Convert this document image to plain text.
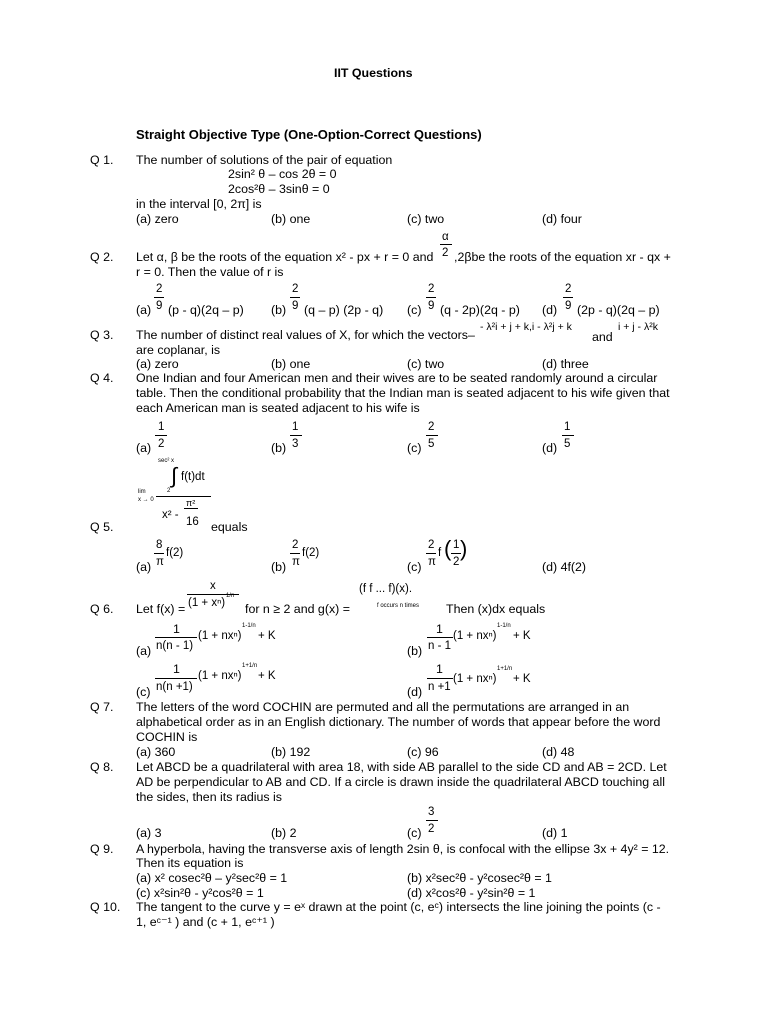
IIT Questions
Straight Objective Type (One-Option-Correct Questions)
Q 1. The number of solutions of the pair of equation
2sin² θ – cos 2θ = 0
2cos²θ – 3sinθ = 0
in the interval [0, 2π] is
(a) zero	(b) one	(c) two	(d) four
Q 2. Let α, β be the roots of the equation x² - px + r = 0 and
α
2 ,2βbe the roots of the equation xr - qx +
r = 0. Then the value of r is
(a)
2
9 (p - q)(2q – p) (b)
2
9 (q – p) (2p - q) (c)
2
9 (q - 2p)(2q - p) (d)
2
9 (2p - q)(2q – p)
Q 3. The number of distinct real values of X, for which the vectors–
- λ²i + j + k,i - λ²j + k
and
i + j - λ²k
are coplanar, is
(a) zero	(b) one	(c) two	(d) three
Q 4. One Indian and four American men and their wives are to be seated randomly around a circular
table. Then the conditional probability that the Indian man is seated adjacent to his wife given that
each American man is seated adjacent to his wife is
(a)
1
2	(b)
1
3	(c)
2
5	(d)
1
5
sec² x
∫ f(t)dt
2
lim
x → 0	π²
x² -
16
Q 5.	equals
(a)
8
π
f(2)
(b)
2
π
f(2)
(c)
2
π
f ( 1
2
)
(d) 4f(2)
x
(1 + xⁿ)
1/n
(f f ... f)(x).
f occurs n times
Q 6. Let f(x) =	for n ≥ 2 and g(x) =	Then (x)dx equals
(a)
1
n(n - 1)
(1 + nxⁿ)
1-1/n
+ K
(b)
1
n - 1
(1 + nxⁿ)
1-1/n
+ K
(c)
1
n(n +1)
(1 + nxⁿ)
1+1/n
+ K
(d)
1
n +1
(1 + nxⁿ)
1+1/n
+ K
Q 7. The letters of the word COCHIN are permuted and all the permutations are arranged in an
alphabetical order as in an English dictionary. The number of words that appear before the word
COCHIN is
(a) 360	(b) 192	(c) 96	(d) 48
Q 8. Let ABCD be a quadrilateral with area 18, with side AB parallel to the side CD and AB = 2CD. Let
AD be perpendicular to AB and CD. If a circle is drawn inside the quadrilateral ABCD touching all
the sides, then its radius is
(a) 3	(b) 2	(c)
3
2	(d) 1
Q 9. A hyperbola, having the transverse axis of length 2sin θ, is confocal with the ellipse 3x + 4y² = 12.
Then its equation is
(a) x² cosec²θ – y²sec²θ = 1	(b) x²sec²θ - y²cosec²θ = 1
(c) x²sin²θ - y²cos²θ = 1	(d) x²cos²θ - y²sin²θ = 1
Q 10. The tangent to the curve y = eˣ drawn at the point (c, eᶜ) intersects the line joining the points (c -
1, eᶜ⁻¹ ) and (c + 1, eᶜ⁺¹ )
